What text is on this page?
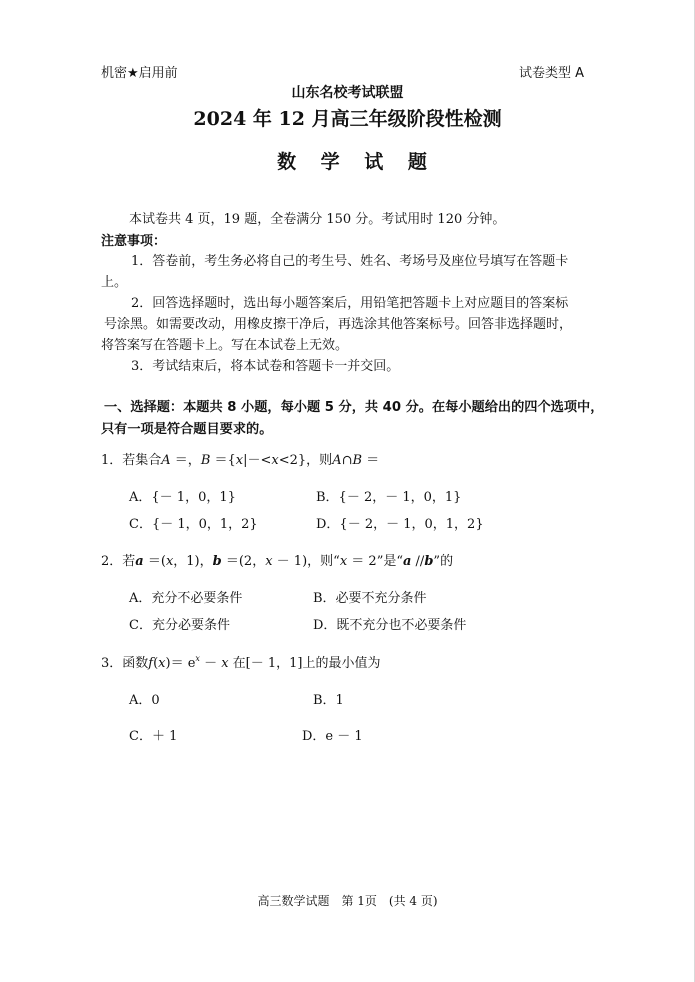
机密★启用前	试卷类型 A
山东名校考试联盟
2024 年 12 月高三年级阶段性检测
数 学 试 题
本试卷共 4 页，19 题，全卷满分 150 分。考试用时 120 分钟。
注意事项：
1．答卷前，考生务必将自己的考生号、姓名、考场号及座位号填写在答题卡
上。
2．回答选择题时，选出每小题答案后，用铅笔把答题卡上对应题目的答案标
号涂黑。如需要改动，用橡皮擦干净后，再选涂其他答案标号。回答非选择题时，
将答案写在答题卡上。写在本试卷上无效。
3．考试结束后，将本试卷和答题卡一并交回。
一、选择题：本题共 8 小题，每小题 5 分，共 40 分。在每小题给出的四个选项中，
只有一项是符合题目要求的。
1．若集合A ＝，B ＝{x|－<x<2}，则A∩B ＝
A．{－ 1，0，1}	B．{－ 2，－ 1，0，1}
C．{－ 1，0，1，2}	D．{－ 2，－ 1，0，1，2}
2．若a ＝(x，1)，b ＝(2，x － 1)，则“x ＝ 2”是“a //b”的
A．充分不必要条件	B．必要不充分条件
C．充分必要条件	D．既不充分也不必要条件
3．函数$f(x)= e^x - x$ 在[－ 1，1]上的最小值为
A．0	B．1
C．＋ 1	D．e － 1
高三数学试题　第 1页　(共 4 页)
